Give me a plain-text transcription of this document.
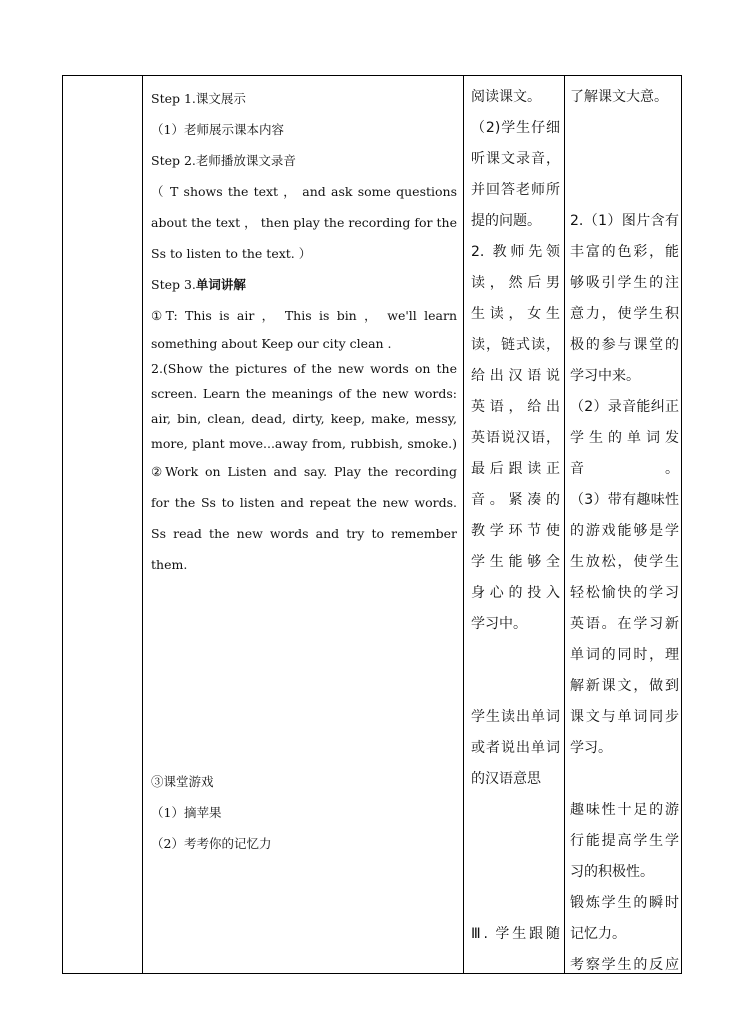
Step 1.课文展示

（1）老师展示课本内容

Step 2.老师播放课文录音

（ T shows the text ， and ask some questions

about the text ， then play the recording for the

Ss to listen to the text. ）

Step 3.单词讲解

①T: This is air ， This is bin ， we'll learn

something about Keep our city clean .

2.(Show the pictures of the new words on the

screen. Learn the meanings of the new words:

air, bin, clean, dead, dirty, keep, make, messy,

more, plant move...away from, rubbish, smoke.)

②Work on Listen and say. Play the recording

for the Ss to listen and repeat the new words.

Ss read the new words and try to remember

them.

③课堂游戏

（1）摘苹果

（2）考考你的记忆力

阅读课文。

（2)学生仔细

听课文录音，

并回答老师所

提的问题。

2. 教师先领

读，然后男

生读，女生

读，链式读，

给出汉语说

英语，给出

英语说汉语，

最后跟读正

音。紧凑的

教学环节使

学生能够全

身心的投入

学习中。

学生读出单词

或者说出单词

的汉语意思

Ⅲ. 学生跟随

了解课文大意。

2.（1）图片含有

丰富的色彩，能

够吸引学生的注

意力，使学生积

极的参与课堂的

学习中来。

（2）录音能纠正

学生的单词发音。

（3）带有趣味性

的游戏能够是学

生放松，使学生

轻松愉快的学习

英语。在学习新

单词的同时，理

解新课文，做到

课文与单词同步

学习。

趣味性十足的游

行能提高学生学

习的积极性。

锻炼学生的瞬时

记忆力。

考察学生的反应
